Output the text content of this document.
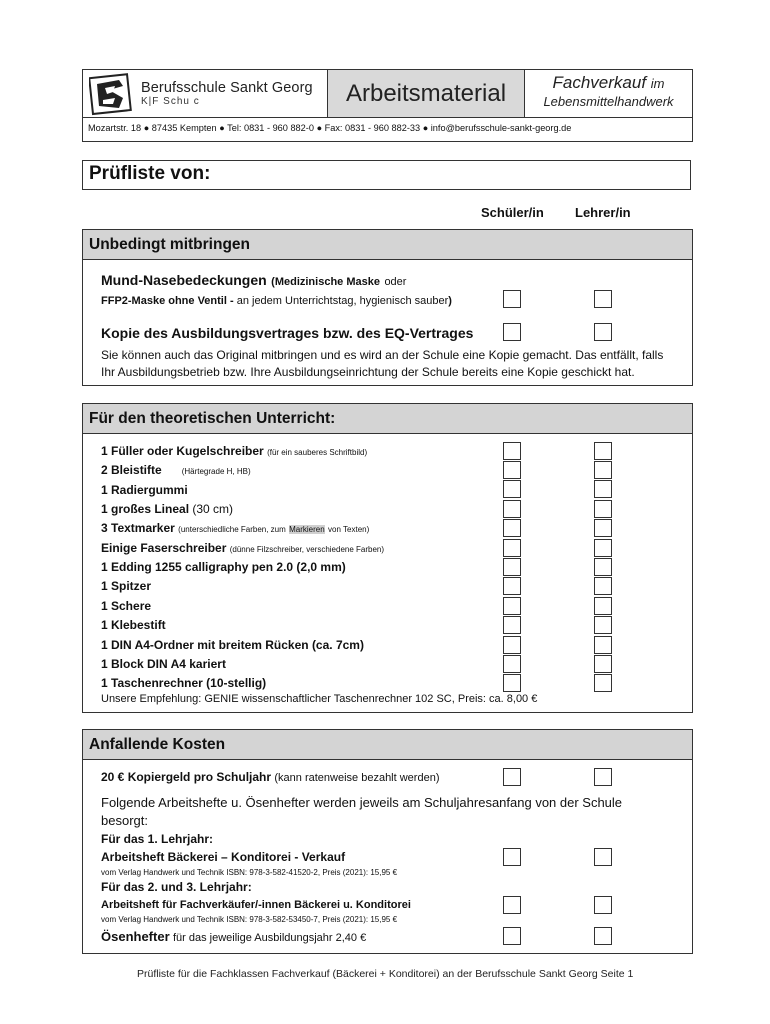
Berufsschule Sankt Georg
K|F Schu c	Arbeitsmaterial	Fachverkauf im
Lebensmittelhandwerk
Mozartstr. 18 ● 87435 Kempten ● Tel: 0831 - 960 882-0 ● Fax: 0831 - 960 882-33 ● info@berufsschule-sankt-georg.de
Prüfliste von:
Schüler/in Lehrer/in
Unbedingt mitbringen
Mund-Nasebedeckungen (Medizinische Maske oder
FFP2-Maske ohne Ventil - an jedem Unterrichtstag, hygienisch sauber)
Kopie des Ausbildungsvertrages bzw. des EQ-Vertrages
Sie können auch das Original mitbringen und es wird an der Schule eine Kopie gemacht. Das entfällt, falls
Ihr Ausbildungsbetrieb bzw. Ihre Ausbildungseinrichtung der Schule bereits eine Kopie geschickt hat.
Für den theoretischen Unterricht:
1 Füller oder Kugelschreiber (für ein sauberes Schriftbild)
2 Bleistifte	(Härtegrade H, HB)
1 Radiergummi
1 großes Lineal (30 cm)
3 Textmarker (unterschiedliche Farben, zum Markieren von Texten)
Einige Faserschreiber (dünne Filzschreiber, verschiedene Farben)
1 Edding 1255 calligraphy pen 2.0 (2,0 mm)
1 Spitzer
1 Schere
1 Klebestift
1 DIN A4-Ordner mit breitem Rücken (ca. 7cm)
1 Block DIN A4 kariert
1 Taschenrechner (10-stellig)
Unsere Empfehlung: GENIE wissenschaftlicher Taschenrechner 102 SC, Preis: ca. 8,00 €
Anfallende Kosten
20 € Kopiergeld pro Schuljahr (kann ratenweise bezahlt werden)
Folgende Arbeitshefte u. Ösenhefter werden jeweils am Schuljahresanfang von der Schule
besorgt:
Für das 1. Lehrjahr:
Arbeitsheft Bäckerei – Konditorei - Verkauf
vom Verlag Handwerk und Technik ISBN: 978-3-582-41520-2, Preis (2021): 15,95 €
Für das 2. und 3. Lehrjahr:
Arbeitsheft für Fachverkäufer/-innen Bäckerei u. Konditorei
vom Verlag Handwerk und Technik ISBN: 978-3-582-53450-7, Preis (2021): 15,95 €
Ösenhefter für das jeweilige Ausbildungsjahr 2,40 €
Prüfliste für die Fachklassen Fachverkauf (Bäckerei + Konditorei) an der Berufsschule Sankt Georg Seite 1
